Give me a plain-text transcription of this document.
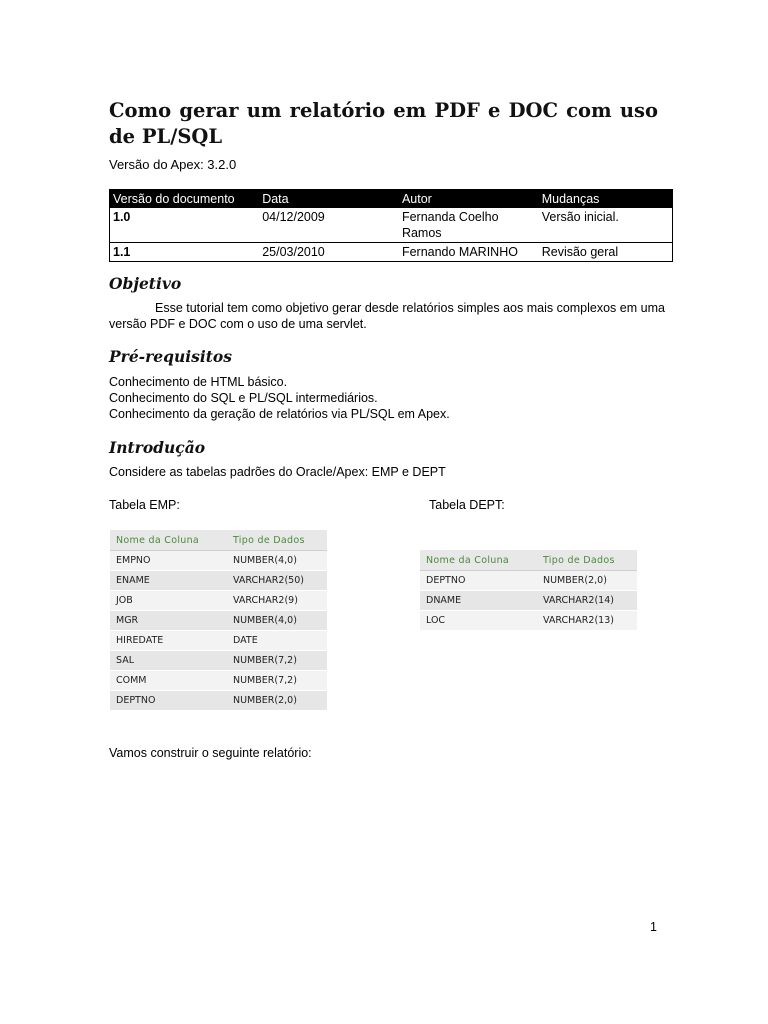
Como gerar um relatório em PDF e DOC com uso de PL/SQL
Versão do Apex: 3.2.0
Versão do documento	Data	Autor	Mudanças
1.0	04/12/2009	Fernanda Coelho Ramos	Versão inicial.
1.1	25/03/2010	Fernando MARINHO	Revisão geral
Objetivo
Esse tutorial tem como objetivo gerar desde relatórios simples aos mais complexos em uma versão PDF e DOC com o uso de uma servlet.
Pré-requisitos
Conhecimento de HTML básico.
Conhecimento do SQL e PL/SQL intermediários.
Conhecimento da geração de relatórios via PL/SQL em Apex.
Introdução
Considere as tabelas padrões do Oracle/Apex: EMP e DEPT
Tabela EMP:	Tabela DEPT:
Nome da Coluna	Tipo de Dados
EMPNO	NUMBER(4,0)
ENAME	VARCHAR2(50)
JOB	VARCHAR2(9)
MGR	NUMBER(4,0)
HIREDATE	DATE
SAL	NUMBER(7,2)
COMM	NUMBER(7,2)
DEPTNO	NUMBER(2,0)
Nome da Coluna	Tipo de Dados
DEPTNO	NUMBER(2,0)
DNAME	VARCHAR2(14)
LOC	VARCHAR2(13)
Vamos construir o seguinte relatório:
1
